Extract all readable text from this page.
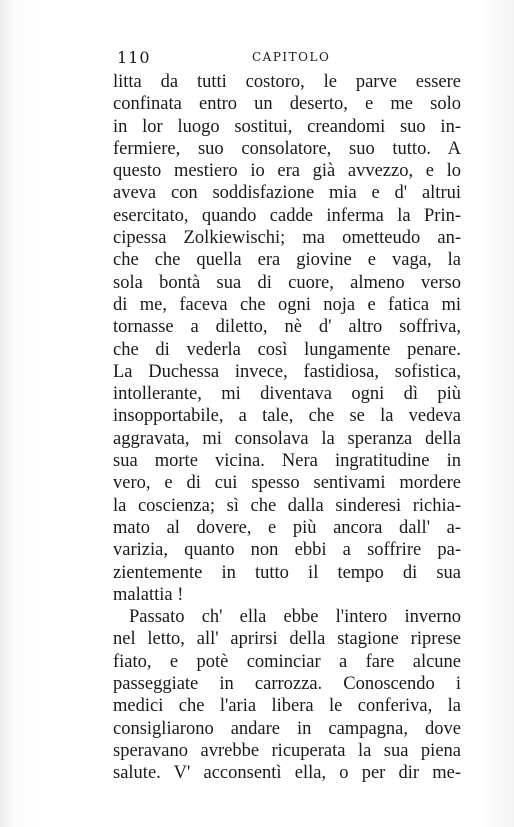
110	CAPITOLO
litta da tutti costoro, le parve essere
confinata entro un deserto, e me solo
in lor luogo sostitui, creandomi suo in-
fermiere, suo consolatore, suo tutto. A
questo mestiero io era già avvezzo, e lo
aveva con soddisfazione mia e d' altrui
esercitato, quando cadde inferma la Prin-
cipessa Zolkiewischi; ma ometteudo an-
che che quella era giovine e vaga, la
sola bontà sua di cuore, almeno verso
di me, faceva che ogni noja e fatica mi
tornasse a diletto, nè d' altro soffriva,
che di vederla così lungamente penare.
La Duchessa invece, fastidiosa, sofistica,
intollerante, mi diventava ogni dì più
insopportabile, a tale, che se la vedeva
aggravata, mi consolava la speranza della
sua morte vicina. Nera ingratitudine in
vero, e di cui spesso sentivami mordere
la coscienza; sì che dalla sinderesi richia-
mato al dovere, e più ancora dall' a-
varizia, quanto non ebbi a soffrire pa-
zientemente in tutto il tempo di sua
malattia !
Passato ch' ella ebbe l'intero inverno
nel letto, all' aprirsi della stagione riprese
fiato, e potè cominciar a fare alcune
passeggiate in carrozza. Conoscendo i
medici che l'aria libera le conferiva, la
consigliarono andare in campagna, dove
speravano avrebbe ricuperata la sua piena
salute. V' acconsentì ella, o per dir me-
